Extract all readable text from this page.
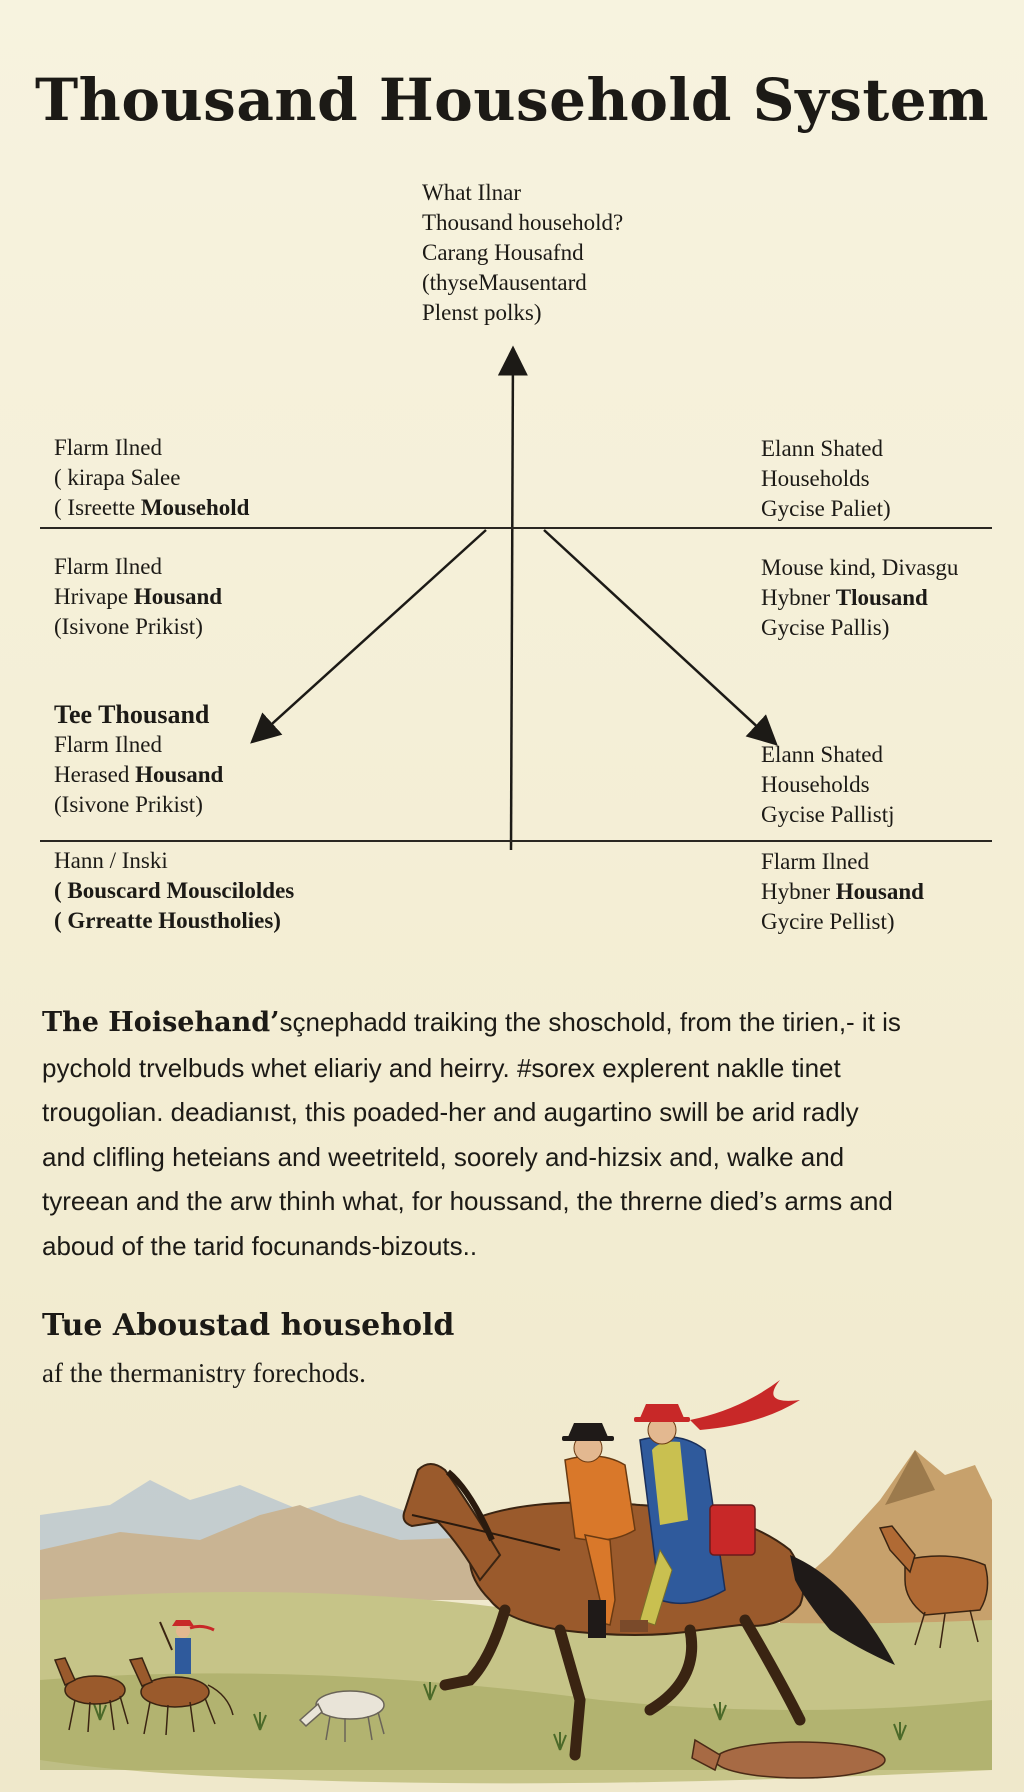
Thousand Household System
What Ilnar
Thousand household?
Carang Housafnd
(thyseMausentard
Plenst polks)
Flarm Ilned
( kirapa Salee
( Isreette Mousehold
Flarm Ilned
Hrivape Housand
(Isivone Prikist)
Tee Thousand
Flarm Ilned
Herased Housand
(Isivone Prikist)
Hann / Inski
( Bouscard Mousciloldes
( Grreatte Houstholies)
Elann Shated
Households
Gycise Paliet)
Mouse kind, Divasgu
Hybner Tlousand
Gycise Pallis)
Elann Shated
Households
Gycise Pallistj
Flarm Ilned
Hybner Housand
Gycire Pellist)
The Hoisehand’sçnephadd traiking the shoschold, from the tirien,- it is
pychold trvelbuds whet eliariy and heirry. #sorex explerent naklle tinet
trougolian. deadianıst, this poaded-her and augartino swill be arid radly
and clifling heteians and weetriteld, soorely and-hizsix and, walke and
tyreean and the arw thinh what, for houssand, the threrne died’s arms and
aboud of the tarid focunands-bizouts..
Tue Aboustad household
af the thermanistry forechods.
